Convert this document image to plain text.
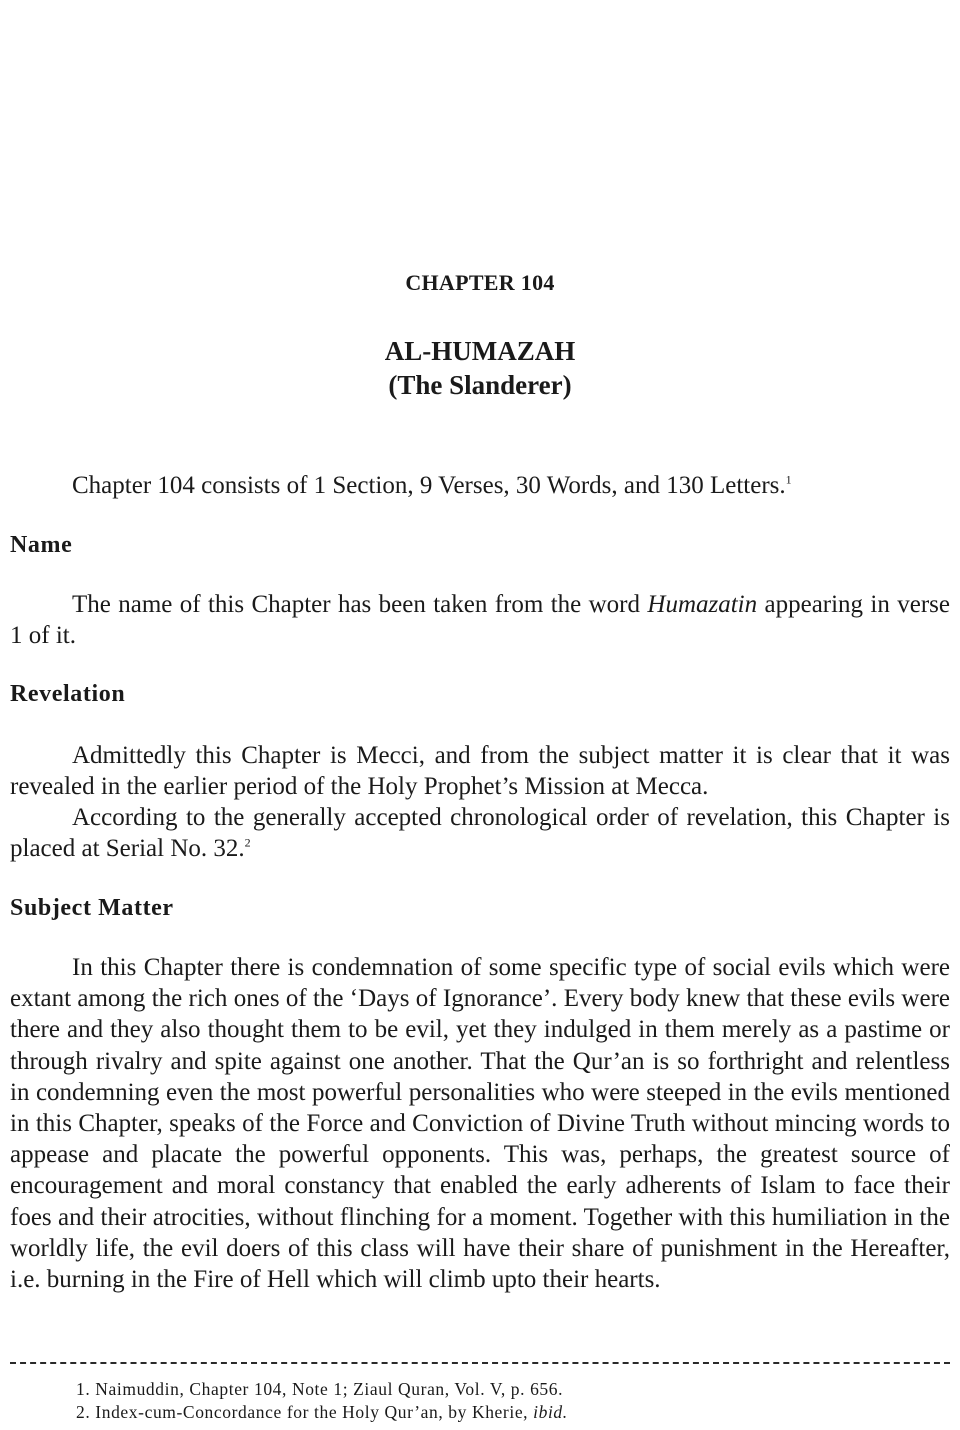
CHAPTER 104
AL-HUMAZAH
(The Slanderer)
Chapter 104 consists of 1 Section, 9 Verses, 30 Words, and 130 Letters.$^1$
Name
The name of this Chapter has been taken from the word Humazatin appearing in verse 1 of it.
Revelation
Admittedly this Chapter is Mecci, and from the subject matter it is clear that it was revealed in the earlier period of the Holy Prophet’s Mission at Mecca.
According to the generally accepted chronological order of revelation, this Chapter is placed at Serial No. 32.$^2$
Subject Matter
In this Chapter there is condemnation of some specific type of social evils which were extant among the rich ones of the ‘Days of Ignorance’. Every body knew that these evils were there and they also thought them to be evil, yet they indulged in them merely as a pastime or through rivalry and spite against one another. That the Qur’an is so forthright and relentless in condemning even the most powerful personalities who were steeped in the evils mentioned in this Chapter, speaks of the Force and Conviction of Divine Truth without mincing words to appease and placate the powerful opponents. This was, perhaps, the greatest source of encouragement and moral constancy that enabled the early adherents of Islam to face their foes and their atrocities, without flinching for a moment. Together with this humiliation in the worldly life, the evil doers of this class will have their share of punishment in the Hereafter, i.e. burning in the Fire of Hell which will climb upto their hearts.
1. Naimuddin, Chapter 104, Note 1; Ziaul Quran, Vol. V, p. 656.
2. Index-cum-Concordance for the Holy Qur’an, by Kherie, ibid.
